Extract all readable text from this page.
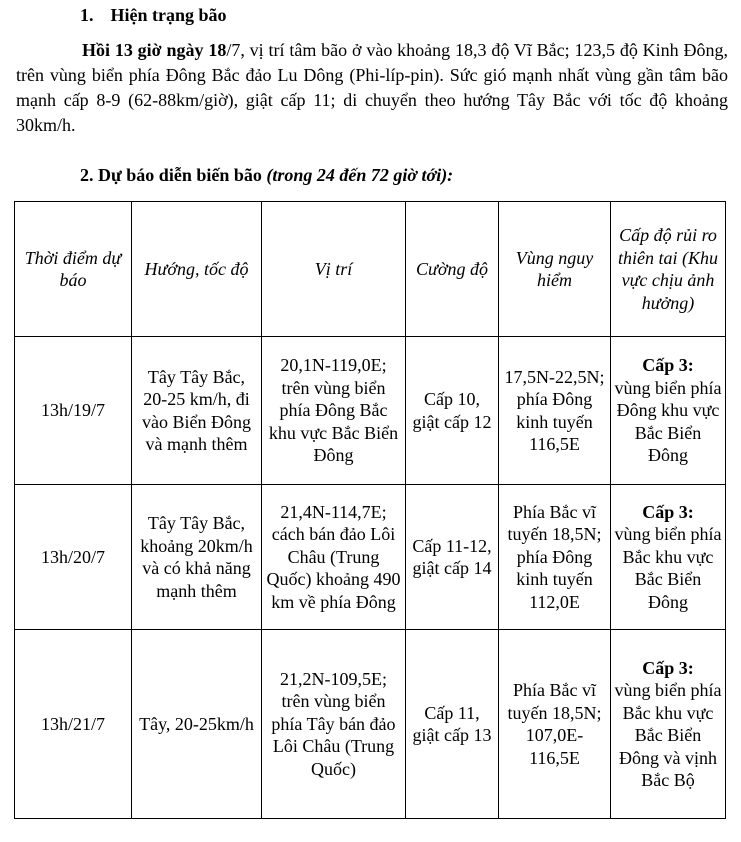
1. Hiện trạng bão
Hồi 13 giờ ngày 18/7, vị trí tâm bão ở vào khoảng 18,3 độ Vĩ Bắc; 123,5 độ Kinh Đông, trên vùng biển phía Đông Bắc đảo Lu Dông (Phi-líp-pin). Sức gió mạnh nhất vùng gần tâm bão mạnh cấp 8-9 (62-88km/giờ), giật cấp 11; di chuyển theo hướng Tây Bắc với tốc độ khoảng 30km/h.
2. Dự báo diễn biến bão (trong 24 đến 72 giờ tới):
Thời điểm dự báo	Hướng, tốc độ	Vị trí	Cường độ	Vùng nguy hiểm	Cấp độ rủi ro thiên tai (Khu vực chịu ảnh hưởng)
13h/19/7	Tây Tây Bắc, 20-25 km/h, đi vào Biển Đông và mạnh thêm	20,1N-119,0E; trên vùng biển phía Đông Bắc khu vực Bắc Biển Đông	Cấp 10, giật cấp 12	17,5N-22,5N; phía Đông kinh tuyến 116,5E	Cấp 3:
vùng biển phía Đông khu vực Bắc Biển Đông
13h/20/7	Tây Tây Bắc, khoảng 20km/h và có khả năng mạnh thêm	21,4N-114,7E; cách bán đảo Lôi Châu (Trung Quốc) khoảng 490 km về phía Đông	Cấp 11-12, giật cấp 14	Phía Bắc vĩ tuyến 18,5N; phía Đông kinh tuyến 112,0E	Cấp 3:
vùng biển phía Bắc khu vực Bắc Biển Đông
13h/21/7	Tây, 20-25km/h	21,2N-109,5E; trên vùng biển phía Tây bán đảo Lôi Châu (Trung Quốc)	Cấp 11, giật cấp 13	Phía Bắc vĩ tuyến 18,5N; 107,0E-116,5E	Cấp 3:
vùng biển phía Bắc khu vực Bắc Biển Đông và vịnh Bắc Bộ
